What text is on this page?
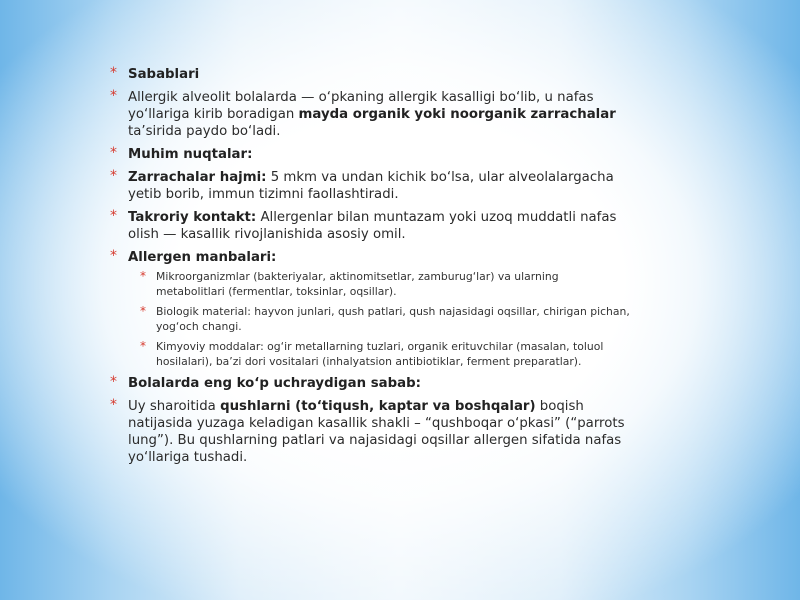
* Sabablari
* Allergik alveolit bolalarda — o‘pkaning allergik kasalligi bo‘lib, u nafas yo‘llariga kirib boradigan mayda organik yoki noorganik zarrachalar ta’sirida paydo bo‘ladi.
* Muhim nuqtalar:
* Zarrachalar hajmi: 5 mkm va undan kichik bo‘lsa, ular alveolalargacha yetib borib, immun tizimni faollashtiradi.
* Takroriy kontakt: Allergenlar bilan muntazam yoki uzoq muddatli nafas olish — kasallik rivojlanishida asosiy omil.
* Allergen manbalari:
* Mikroorganizmlar (bakteriyalar, aktinomitsetlar, zamburug‘lar) va ularning metabolitlari (fermentlar, toksinlar, oqsillar).
* Biologik material: hayvon junlari, qush patlari, qush najasidagi oqsillar, chirigan pichan, yog‘och changi.
* Kimyoviy moddalar: og‘ir metallarning tuzlari, organik erituvchilar (masalan, toluol hosilalari), ba’zi dori vositalari (inhalyatsion antibiotiklar, ferment preparatlar).
* Bolalarda eng ko‘p uchraydigan sabab:
* Uy sharoitida qushlarni (to‘tiqush, kaptar va boshqalar) boqish natijasida yuzaga keladigan kasallik shakli – “qushboqar o‘pkasi” (“parrots lung”). Bu qushlarning patlari va najasidagi oqsillar allergen sifatida nafas yo‘llariga tushadi.
